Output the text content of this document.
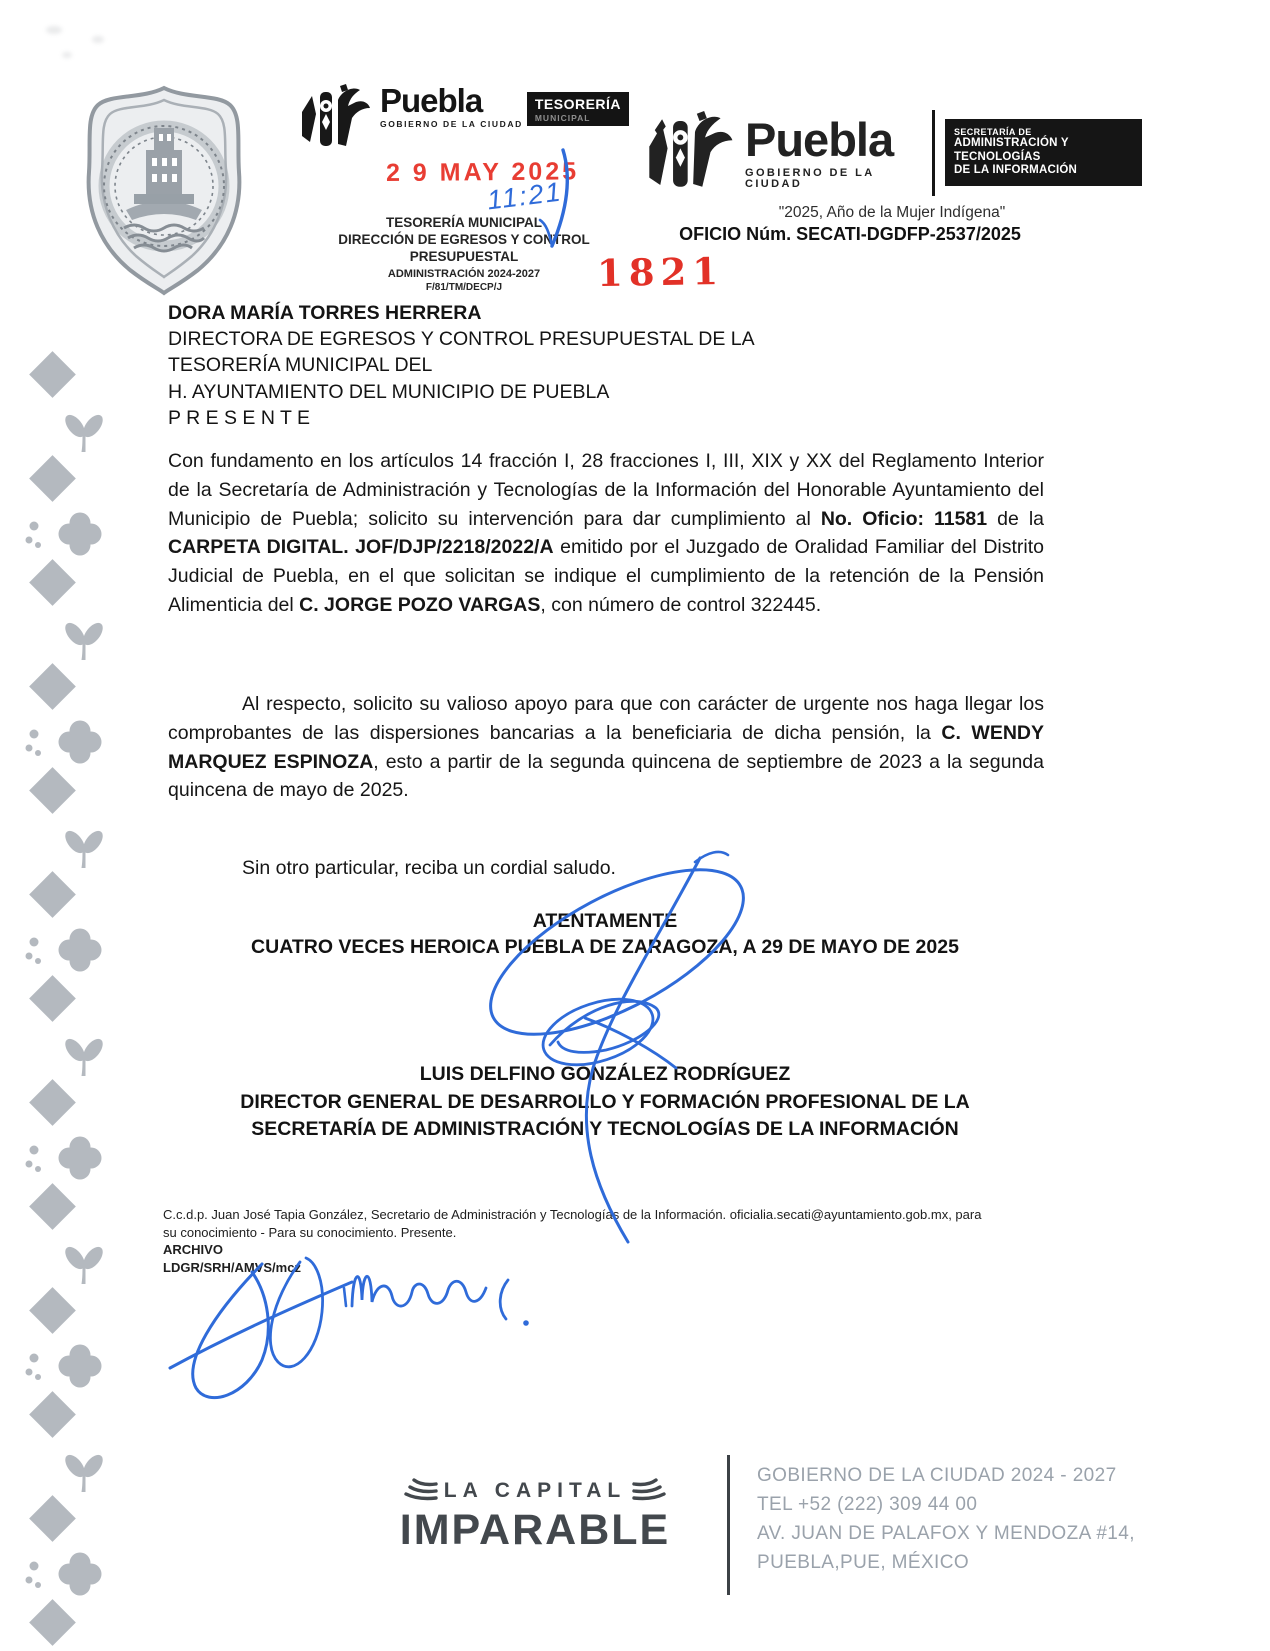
Puebla
GOBIERNO DE LA CIUDAD
TESORERÍA
MUNICIPAL
2 9 MAY 2025
11:21
TESORERÍA MUNICIPAL
DIRECCIÓN DE EGRESOS Y CONTROL
PRESUPUESTAL
ADMINISTRACIÓN 2024-2027
F/81/TM/DECP/J
Puebla
GOBIERNO DE LA CIUDAD
SECRETARÍA DE
ADMINISTRACIÓN Y TECNOLOGÍAS
DE LA INFORMACIÓN
"2025, Año de la Mujer Indígena"
OFICIO Núm. SECATI-DGDFP-2537/2025
1821
DORA MARÍA TORRES HERRERA
DIRECTORA DE EGRESOS Y CONTROL PRESUPUESTAL DE LA
TESORERÍA MUNICIPAL DEL
H. AYUNTAMIENTO DEL MUNICIPIO DE PUEBLA
P R E S E N T E
Con fundamento en los artículos 14 fracción I, 28 fracciones I, III, XIX y XX del Reglamento Interior de la Secretaría de Administración y Tecnologías de la Información del Honorable Ayuntamiento del Municipio de Puebla; solicito su intervención para dar cumplimiento al No. Oficio: 11581 de la CARPETA DIGITAL. JOF/DJP/2218/2022/A emitido por el Juzgado de Oralidad Familiar del Distrito Judicial de Puebla, en el que solicitan se indique el cumplimiento de la retención de la Pensión Alimenticia del C. JORGE POZO VARGAS, con número de control 322445.
Al respecto, solicito su valioso apoyo para que con carácter de urgente nos haga llegar los comprobantes de las dispersiones bancarias a la beneficiaria de dicha pensión, la C. WENDY MARQUEZ ESPINOZA, esto a partir de la segunda quincena de septiembre de 2023 a la segunda quincena de mayo de 2025.
Sin otro particular, reciba un cordial saludo.
ATENTAMENTE
CUATRO VECES HEROICA PUEBLA DE ZARAGOZA, A 29 DE MAYO DE 2025
LUIS DELFINO GONZÁLEZ RODRÍGUEZ
DIRECTOR GENERAL DE DESARROLLO Y FORMACIÓN PROFESIONAL DE LA
SECRETARÍA DE ADMINISTRACIÓN Y TECNOLOGÍAS DE LA INFORMACIÓN
C.c.d.p. Juan José Tapia González, Secretario de Administración y Tecnologías de la Información. oficialia.secati@ayuntamiento.gob.mx, para
su conocimiento - Para su conocimiento. Presente.
ARCHIVO
LDGR/SRH/AMVS/mcz
LA CAPITAL
IMPARABLE
GOBIERNO DE LA CIUDAD 2024 - 2027
TEL +52 (222) 309 44 00
AV. JUAN DE PALAFOX Y MENDOZA #14,
PUEBLA,PUE, MÉXICO
